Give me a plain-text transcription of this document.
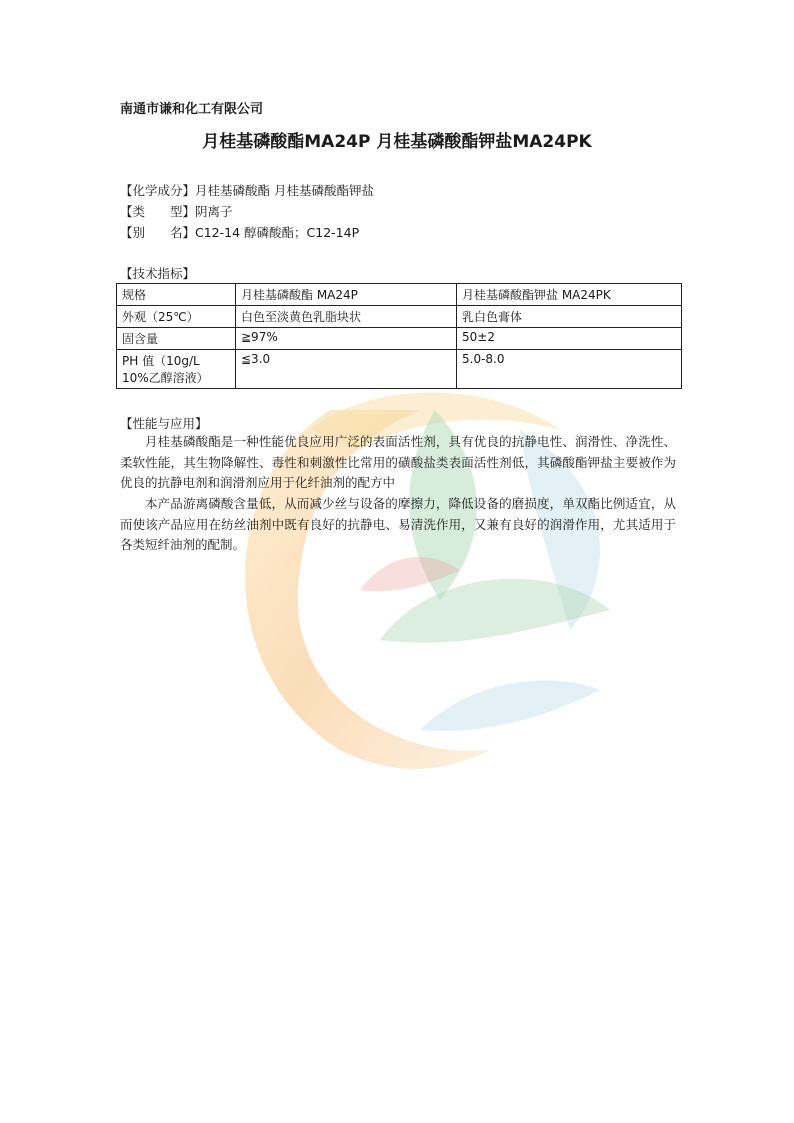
南通市谦和化工有限公司
月桂基磷酸酯MA24P 月桂基磷酸酯钾盐MA24PK
【化学成分】月桂基磷酸酯 月桂基磷酸酯钾盐
【类　　型】阴离子
【别　　名】C12-14 醇磷酸酯；C12-14P
【技术指标】
规格	月桂基磷酸酯 MA24P	月桂基磷酸酯钾盐 MA24PK
外观（25℃）	白色至淡黄色乳脂块状	乳白色膏体
固含量	≧97%	50±2
PH 值（10g/L 10%乙醇溶液）	≦3.0	5.0-8.0
【性能与应用】
月桂基磷酸酯是一种性能优良应用广泛的表面活性剂，具有优良的抗静电性、润滑性、净洗性、柔软性能，其生物降解性、毒性和刺激性比常用的磺酸盐类表面活性剂低，其磷酸酯钾盐主要被作为优良的抗静电剂和润滑剂应用于化纤油剂的配方中
本产品游离磷酸含量低，从而减少丝与设备的摩擦力，降低设备的磨损度，单双酯比例适宜，从而使该产品应用在纺丝油剂中既有良好的抗静电、易清洗作用，又兼有良好的润滑作用，尤其适用于各类短纤油剂的配制。
